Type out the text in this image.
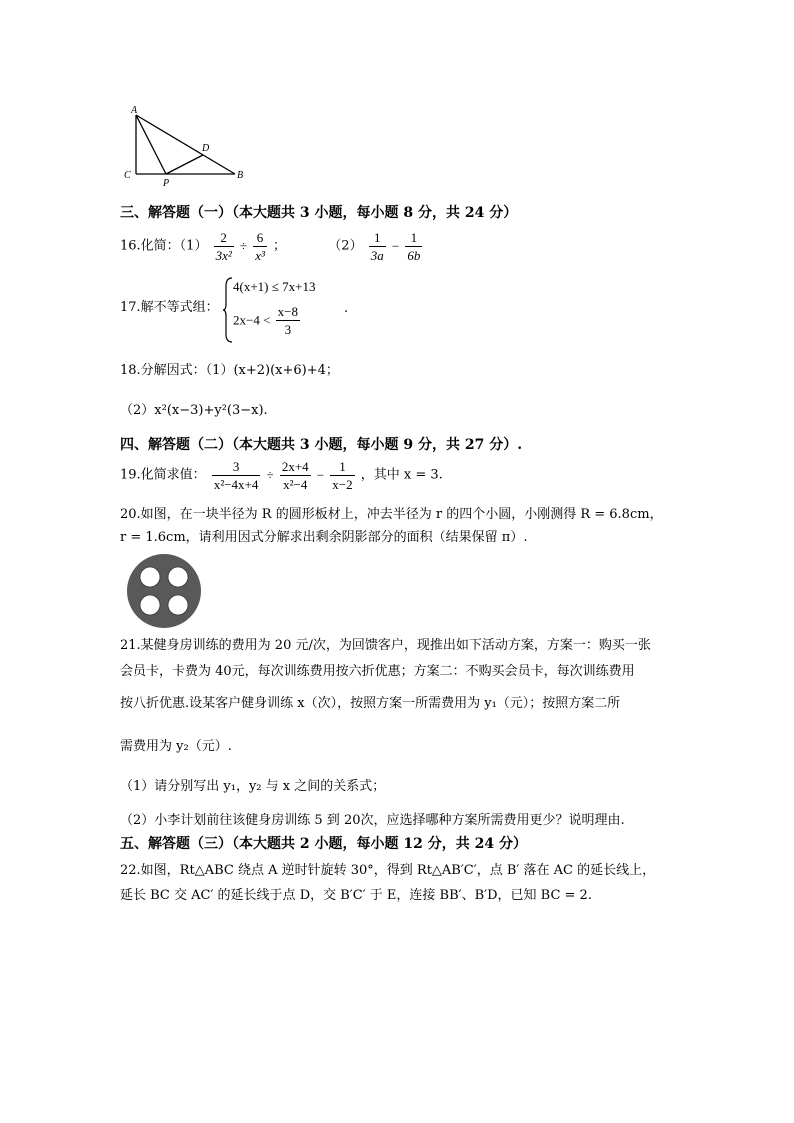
A
B
C
D
P
三、解答题（一）（本大题共 3 小题，每小题 8 分，共 24 分）
16.化简：$(1) \frac{2}{\text{3x²}} \div \frac{6}{\text{x³}}$ ；	$(2) \frac{1}{3a} - \frac{1}{6b}$
17.解不等式组：
4(x+1) ≤ 7x+13
$2x-4 < \frac{x-8}{3}$	.
18.分解因式：（1）(x+2)(x+6)+4；
（2）x²(x−3)+y²(3−x).
四、解答题（二）（本大题共 3 小题，每小题 9 分，共 27 分）.
19.化简求值： $\frac{3}{\text{x²−4x+4}} \div \frac{2x+4}{\text{x²−4}} - \frac{1}{x-2}$ ，其中 x = 3.
20.如图，在一块半径为 R 的圆形板材上，冲去半径为 r 的四个小圆，小刚测得 R = 6.8cm，
r = 1.6cm，请利用因式分解求出剩余阴影部分的面积（结果保留 π）.
21.某健身房训练的费用为 20 元/次，为回馈客户，现推出如下活动方案，方案一：购买一张
会员卡，卡费为 40元，每次训练费用按六折优惠；方案二：不购买会员卡，每次训练费用
按八折优惠.设某客户健身训练 x（次），按照方案一所需费用为 y₁（元）；按照方案二所
需费用为 y₂（元）.
（1）请分别写出 y₁，y₂ 与 x 之间的关系式；
（2）小李计划前往该健身房训练 5 到 20次，应选择哪种方案所需费用更少？说明理由.
五、解答题（三）（本大题共 2 小题，每小题 12 分，共 24 分）
22.如图，Rt△ABC 绕点 A 逆时针旋转 30°，得到 Rt△AB′C′，点 B′ 落在 AC 的延长线上，
延长 BC 交 AC′ 的延长线于点 D，交 B′C′ 于 E，连接 BB′、B′D，已知 BC = 2.
